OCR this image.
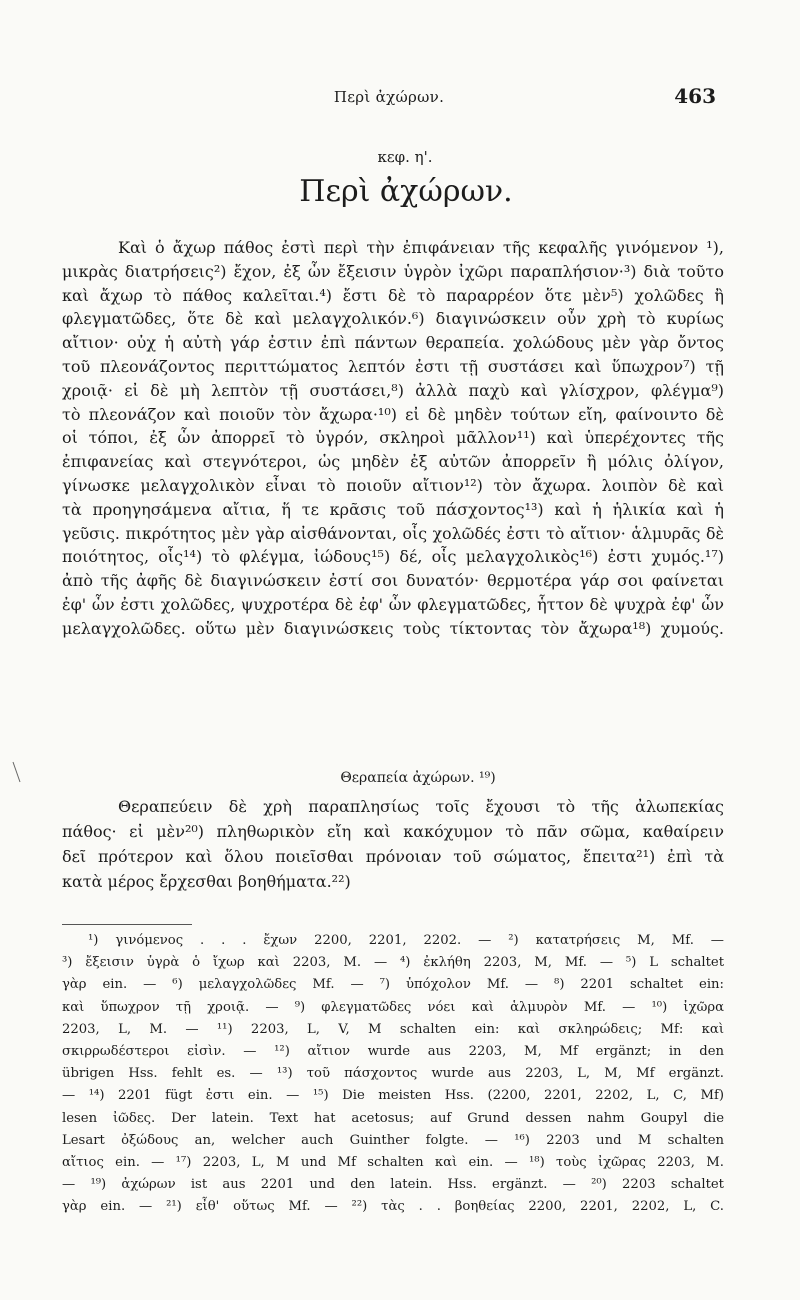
Περὶ ἀχώρων.	463
κεφ. η'.
Περὶ ἀχώρων.
Καὶ ὁ ἄχωρ πάθος ἐστὶ περὶ τὴν ἐπιφάνειαν τῆς κεφαλῆς γινόμενον ¹),
μικρὰς διατρήσεις²) ἔχον, ἐξ ὧν ἔξεισιν ὑγρὸν ἰχῶρι παραπλήσιον·³) διὰ τοῦτο
καὶ ἄχωρ τὸ πάθος καλεῖται.⁴) ἔστι δὲ τὸ παραρρέον ὅτε μὲν⁵) χολῶδες ἢ
φλεγματῶδες, ὅτε δὲ καὶ μελαγχολικόν.⁶) διαγινώσκειν οὖν χρὴ τὸ κυρίως
αἴτιον· οὐχ ἡ αὐτὴ γάρ ἐστιν ἐπὶ πάντων θεραπεία. χολώδους μὲν γὰρ ὄντος
τοῦ πλεονάζοντος περιττώματος λεπτόν ἐστι τῇ συστάσει καὶ ὕπωχρον⁷) τῇ
χροιᾷ· εἰ δὲ μὴ λεπτὸν τῇ συστάσει,⁸) ἀλλὰ παχὺ καὶ γλίσχρον, φλέγμα⁹)
τὸ πλεονάζον καὶ ποιοῦν τὸν ἄχωρα·¹⁰) εἰ δὲ μηδὲν τούτων εἴη, φαίνοιντο δὲ
οἱ τόποι, ἐξ ὧν ἀπορρεῖ τὸ ὑγρόν, σκληροὶ μᾶλλον¹¹) καὶ ὑπερέχοντες τῆς
ἐπιφανείας καὶ στεγνότεροι, ὡς μηδὲν ἐξ αὐτῶν ἀπορρεῖν ἢ μόλις ὀλίγον,
γίνωσκε μελαγχολικὸν εἶναι τὸ ποιοῦν αἴτιον¹²) τὸν ἄχωρα. λοιπὸν δὲ καὶ
τὰ προηγησάμενα αἴτια, ἥ τε κρᾶσις τοῦ πάσχοντος¹³) καὶ ἡ ἡλικία καὶ ἡ
γεῦσις. πικρότητος μὲν γὰρ αἰσθάνονται, οἷς χολῶδές ἐστι τὸ αἴτιον· ἁλμυρᾶς δὲ
ποιότητος, οἷς¹⁴) τὸ φλέγμα, ἰώδους¹⁵) δέ, οἷς μελαγχολικὸς¹⁶) ἐστι χυμός.¹⁷)
ἀπὸ τῆς ἀφῆς δὲ διαγινώσκειν ἐστί σοι δυνατόν· θερμοτέρα γάρ σοι φαίνεται
ἐφ' ὧν ἐστι χολῶδες, ψυχροτέρα δὲ ἐφ' ὧν φλεγματῶδες, ἧττον δὲ ψυχρὰ ἐφ' ὧν
μελαγχολῶδες. οὕτω μὲν διαγινώσκεις τοὺς τίκτοντας τὸν ἄχωρα¹⁸) χυμούς.
Θεραπεία ἀχώρων. ¹⁹)
Θεραπεύειν δὲ χρὴ παραπλησίως τοῖς ἔχουσι τὸ τῆς ἀλωπεκίας
πάθος· εἰ μὲν²⁰) πληθωρικὸν εἴη καὶ κακόχυμον τὸ πᾶν σῶμα, καθαίρειν
δεῖ πρότερον καὶ ὅλου ποιεῖσθαι πρόνοιαν τοῦ σώματος, ἔπειτα²¹) ἐπὶ τὰ
κατὰ μέρος ἔρχεσθαι βοηθήματα.²²)
¹) γινόμενος . . . ἔχων 2200, 2201, 2202. — ²) κατατρήσεις M, Mf. —
³) ἔξεισιν ὑγρὰ ὁ ἴχωρ καὶ 2203, M. — ⁴) ἐκλήθη 2203, M, Mf. — ⁵) L schaltet
γὰρ ein. — ⁶) μελαγχολῶδες Mf. — ⁷) ὑπόχολον Mf. — ⁸) 2201 schaltet ein:
καὶ ὕπωχρον τῇ χροιᾷ. — ⁹) φλεγματῶδες νόει καὶ ἁλμυρὸν Mf. — ¹⁰) ἰχῶρα
2203, L, M. — ¹¹) 2203, L, V, M schalten ein: καὶ σκληρώδεις; Mf: καὶ
σκιρρωδέστεροι εἰσὶν. — ¹²) αἴτιον wurde aus 2203, M, Mf ergänzt; in den
übrigen Hss. fehlt es. — ¹³) τοῦ πάσχοντος wurde aus 2203, L, M, Mf ergänzt.
— ¹⁴) 2201 fügt ἐστι ein. — ¹⁵) Die meisten Hss. (2200, 2201, 2202, L, C, Mf)
lesen ἰῶδες. Der latein. Text hat acetosus; auf Grund dessen nahm Goupyl die
Lesart ὀξώδους an, welcher auch Guinther folgte. — ¹⁶) 2203 und M schalten
αἴτιος ein. — ¹⁷) 2203, L, M und Mf schalten καὶ ein. — ¹⁸) τοὺς ἰχῶρας 2203, M.
— ¹⁹) ἀχώρων ist aus 2201 und den latein. Hss. ergänzt. — ²⁰) 2203 schaltet
γὰρ ein. — ²¹) εἶθ' οὕτως Mf. — ²²) τὰς . . βοηθείας 2200, 2201, 2202, L, C.
